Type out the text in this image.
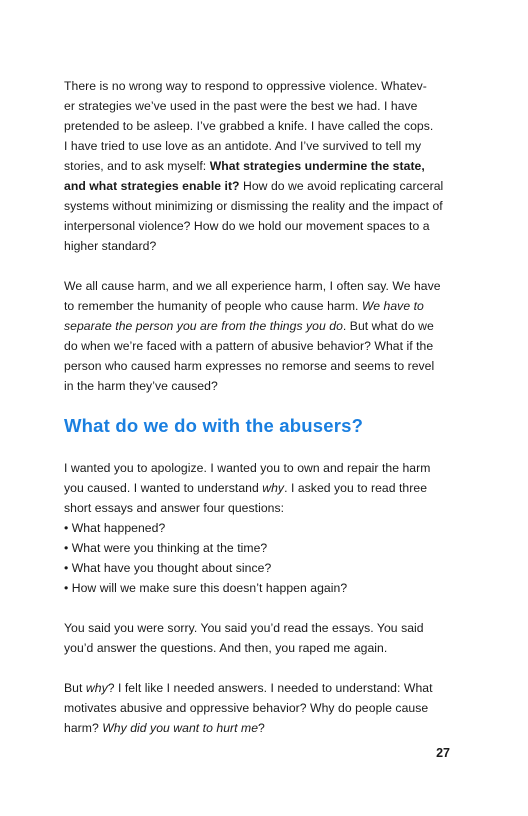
There is no wrong way to respond to oppressive violence. Whatev-

er strategies we’ve used in the past were the best we had. I have

pretended to be asleep. I’ve grabbed a knife. I have called the cops.

I have tried to use love as an antidote. And I’ve survived to tell my

stories, and to ask myself: What strategies undermine the state,

and what strategies enable it? How do we avoid replicating carceral

systems without minimizing or dismissing the reality and the impact of

interpersonal violence? How do we hold our movement spaces to a

higher standard?

We all cause harm, and we all experience harm, I often say. We have

to remember the humanity of people who cause harm. We have to

separate the person you are from the things you do. But what do we

do when we’re faced with a pattern of abusive behavior? What if the

person who caused harm expresses no remorse and seems to revel

in the harm they’ve caused?

What do we do with the abusers?

I wanted you to apologize. I wanted you to own and repair the harm

you caused. I wanted to understand why. I asked you to read three

short essays and answer four questions:

• What happened?

• What were you thinking at the time?

• What have you thought about since?

• How will we make sure this doesn’t happen again?

You said you were sorry. You said you’d read the essays. You said

you’d answer the questions. And then, you raped me again.

But why? I felt like I needed answers. I needed to understand: What

motivates abusive and oppressive behavior? Why do people cause

harm? Why did you want to hurt me?

27
